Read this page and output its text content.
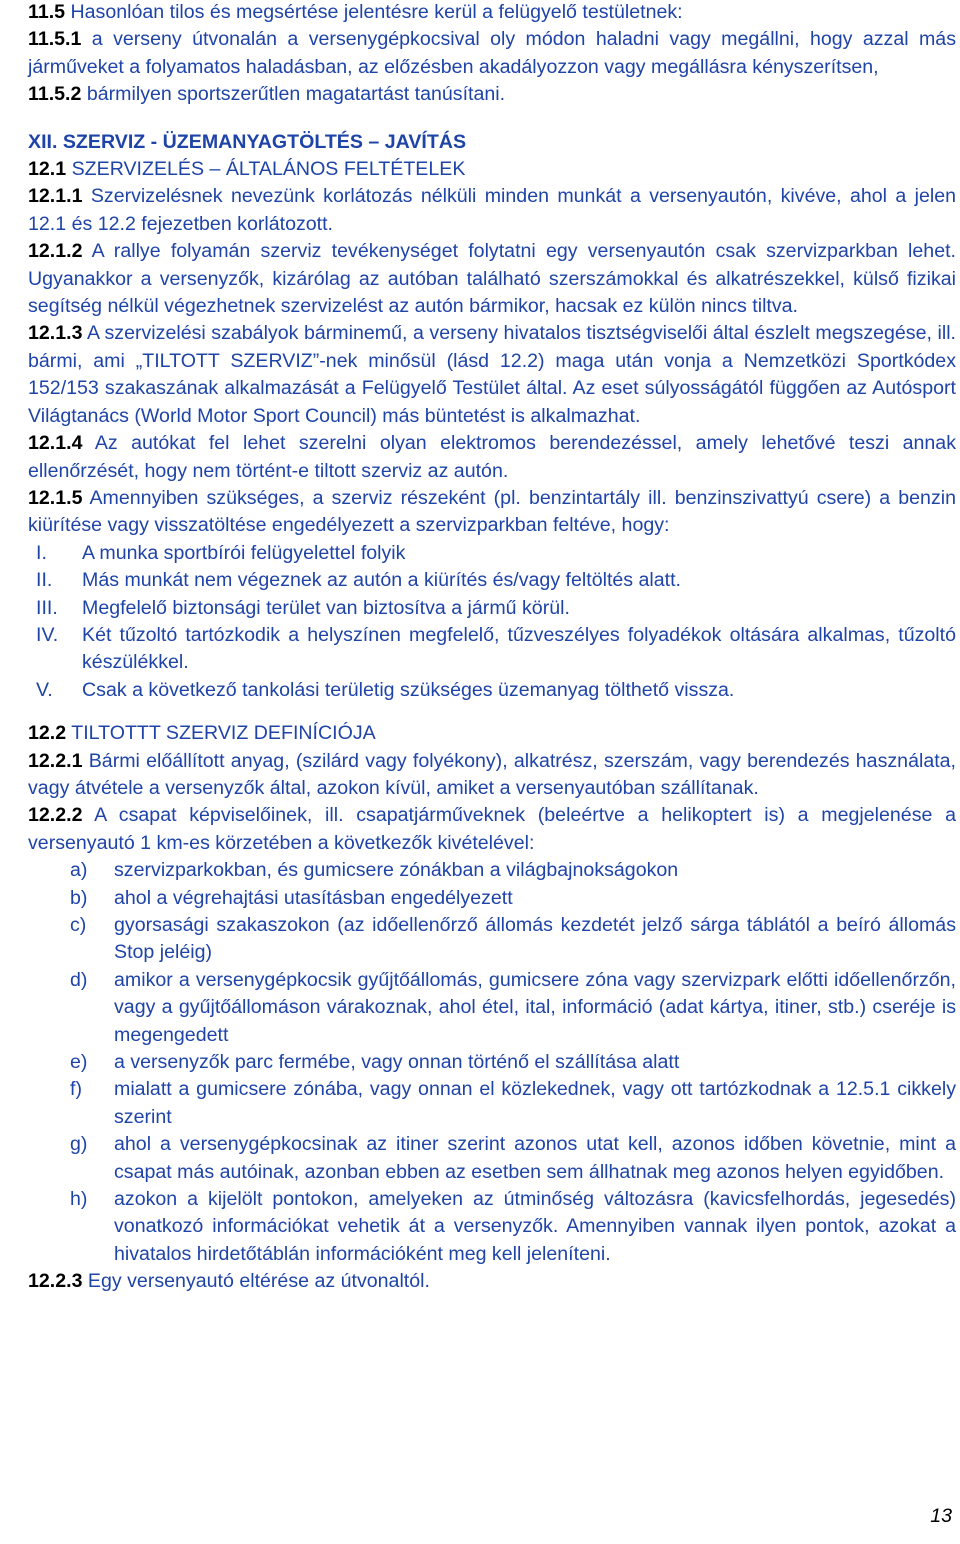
11.5 Hasonlóan tilos és megsértése jelentésre kerül a felügyelő testületnek:

11.5.1 a verseny útvonalán a versenygépkocsival oly módon haladni vagy megállni, hogy azzal más járműveket a folyamatos haladásban, az előzésben akadályozzon vagy megállásra kényszerítsen,

11.5.2 bármilyen sportszerűtlen magatartást tanúsítani.

XII. SZERVIZ - ÜZEMANYAGTÖLTÉS – JAVÍTÁS

12.1 SZERVIZELÉS – ÁLTALÁNOS FELTÉTELEK

12.1.1 Szervizelésnek nevezünk korlátozás nélküli minden munkát a versenyautón, kivéve, ahol a jelen 12.1 és 12.2 fejezetben korlátozott.

12.1.2 A rallye folyamán szerviz tevékenységet folytatni egy versenyautón csak szervizparkban lehet. Ugyanakkor a versenyzők, kizárólag az autóban található szerszámokkal és alkatrészekkel, külső fizikai segítség nélkül végezhetnek szervizelést az autón bármikor, hacsak ez külön nincs tiltva.

12.1.3 A szervizelési szabályok bárminemű, a verseny hivatalos tisztségviselői által észlelt megszegése, ill. bármi, ami „TILTOTT SZERVIZ”-nek minősül (lásd 12.2) maga után vonja a Nemzetközi Sportkódex 152/153 szakaszának alkalmazását a Felügyelő Testület által. Az eset súlyosságától függően az Autósport Világtanács (World Motor Sport Council) más büntetést is alkalmazhat.

12.1.4 Az autókat fel lehet szerelni olyan elektromos berendezéssel, amely lehetővé teszi annak ellenőrzését, hogy nem történt-e tiltott szerviz az autón.

12.1.5 Amennyiben szükséges, a szerviz részeként (pl. benzintartály ill. benzinszivattyú csere) a benzin kiürítése vagy visszatöltése engedélyezett a szervizparkban feltéve, hogy:

I.	A munka sportbírói felügyelettel folyik
II.	Más munkát nem végeznek az autón a kiürítés és/vagy feltöltés alatt.
III.	Megfelelő biztonsági terület van biztosítva a jármű körül.
IV.	Két tűzoltó tartózkodik a helyszínen megfelelő, tűzveszélyes folyadékok oltására alkalmas, tűzoltó készülékkel.
V.	Csak a következő tankolási területig szükséges üzemanyag tölthető vissza.

12.2 TILTOTTT SZERVIZ DEFINÍCIÓJA

12.2.1 Bármi előállított anyag, (szilárd vagy folyékony), alkatrész, szerszám, vagy berendezés használata, vagy átvétele a versenyzők által, azokon kívül, amiket a versenyautóban szállítanak.

12.2.2 A csapat képviselőinek, ill. csapatjárműveknek (beleértve a helikoptert is) a megjelenése a versenyautó 1 km-es körzetében a következők kivételével:

a)	szervizparkokban, és gumicsere zónákban a világbajnokságokon
b)	ahol a végrehajtási utasításban engedélyezett
c)	gyorsasági szakaszokon (az időellenőrző állomás kezdetét jelző sárga táblától a beíró állomás Stop jeléig)
d)	amikor a versenygépkocsik gyűjtőállomás, gumicsere zóna vagy szervizpark előtti időellenőrzőn, vagy a gyűjtőállomáson várakoznak, ahol étel, ital, információ (adat kártya, itiner, stb.) cseréje is megengedett
e)	a versenyzők parc fermébe, vagy onnan történő el szállítása alatt
f)	mialatt a gumicsere zónába, vagy onnan el közlekednek, vagy ott tartózkodnak a 12.5.1 cikkely szerint
g)	ahol a versenygépkocsinak az itiner szerint azonos utat kell, azonos időben követnie, mint a csapat más autóinak, azonban ebben az esetben sem állhatnak meg azonos helyen egyidőben.
h)	azokon a kijelölt pontokon, amelyeken az útminőség változásra (kavicsfelhordás, jegesedés) vonatkozó információkat vehetik át a versenyzők. Amennyiben vannak ilyen pontok, azokat a hivatalos hirdetőtáblán információként meg kell jeleníteni.

12.2.3 Egy versenyautó eltérése az útvonaltól.

13
